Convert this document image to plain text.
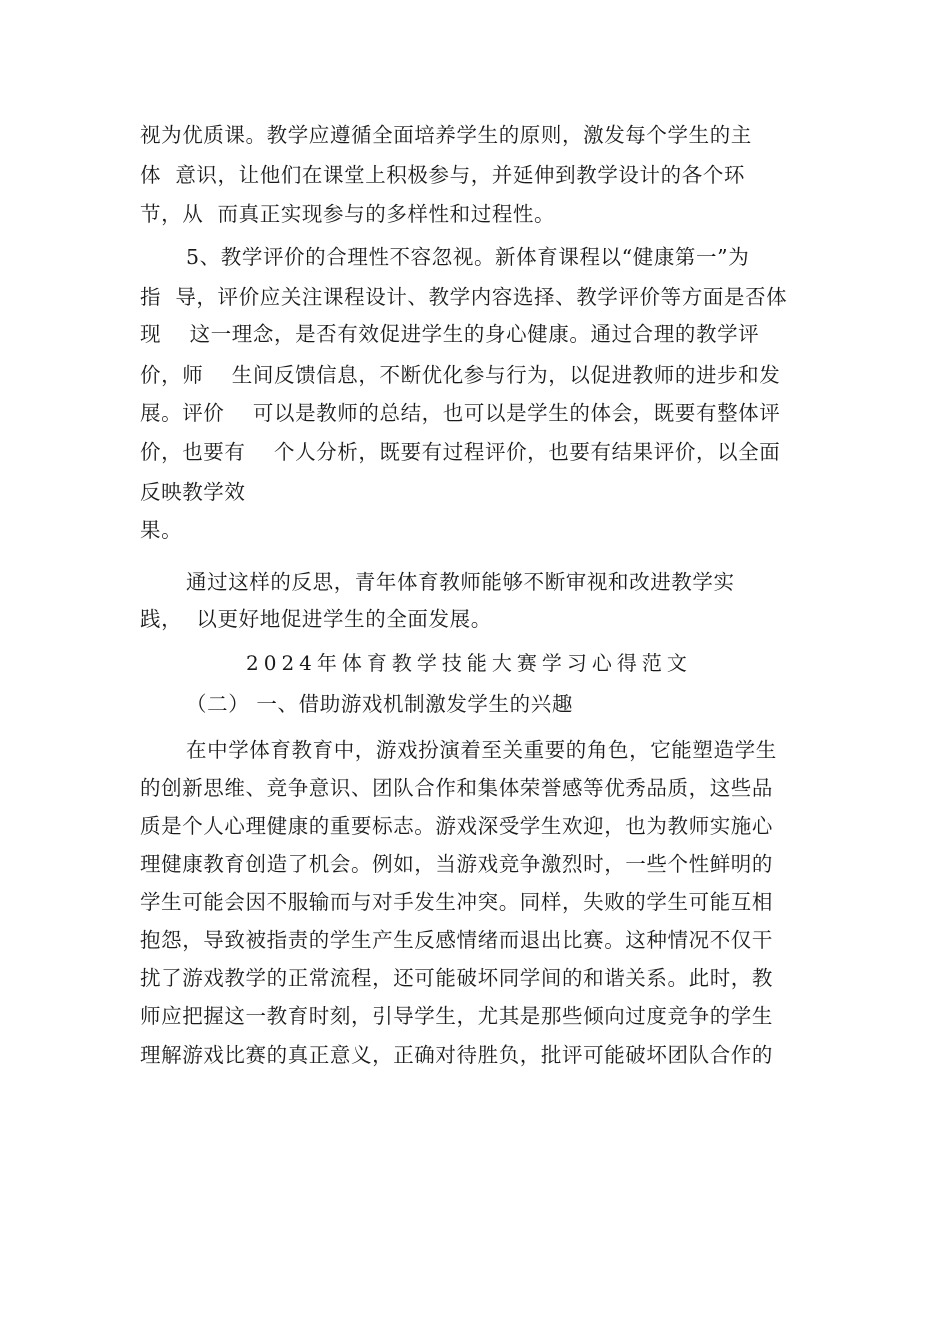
视为优质课。教学应遵循全面培养学生的原则，激发每个学生的主
体  意识，让他们在课堂上积极参与，并延伸到教学设计的各个环
节，从  而真正实现参与的多样性和过程性。
5、教学评价的合理性不容忽视。新体育课程以“健康第一”为
指  导，评价应关注课程设计、教学内容选择、教学评价等方面是否体
现    这一理念，是否有效促进学生的身心健康。通过合理的教学评
价，师    生间反馈信息，不断优化参与行为，以促进教师的进步和发
展。评价    可以是教师的总结，也可以是学生的体会，既要有整体评
价，也要有    个人分析，既要有过程评价，也要有结果评价，以全面
反映教学效
果。
通过这样的反思，青年体育教师能够不断审视和改进教学实
践，  以更好地促进学生的全面发展。
2024年体育教学技能大赛学习心得范文
（二） 一、借助游戏机制激发学生的兴趣
在中学体育教育中，游戏扮演着至关重要的角色，它能塑造学生
的创新思维、竞争意识、团队合作和集体荣誉感等优秀品质，这些品
质是个人心理健康的重要标志。游戏深受学生欢迎，也为教师实施心
理健康教育创造了机会。例如，当游戏竞争激烈时，一些个性鲜明的
学生可能会因不服输而与对手发生冲突。同样，失败的学生可能互相
抱怨，导致被指责的学生产生反感情绪而退出比赛。这种情况不仅干
扰了游戏教学的正常流程，还可能破坏同学间的和谐关系。此时，教
师应把握这一教育时刻，引导学生，尤其是那些倾向过度竞争的学生
理解游戏比赛的真正意义，正确对待胜负，批评可能破坏团队合作的
